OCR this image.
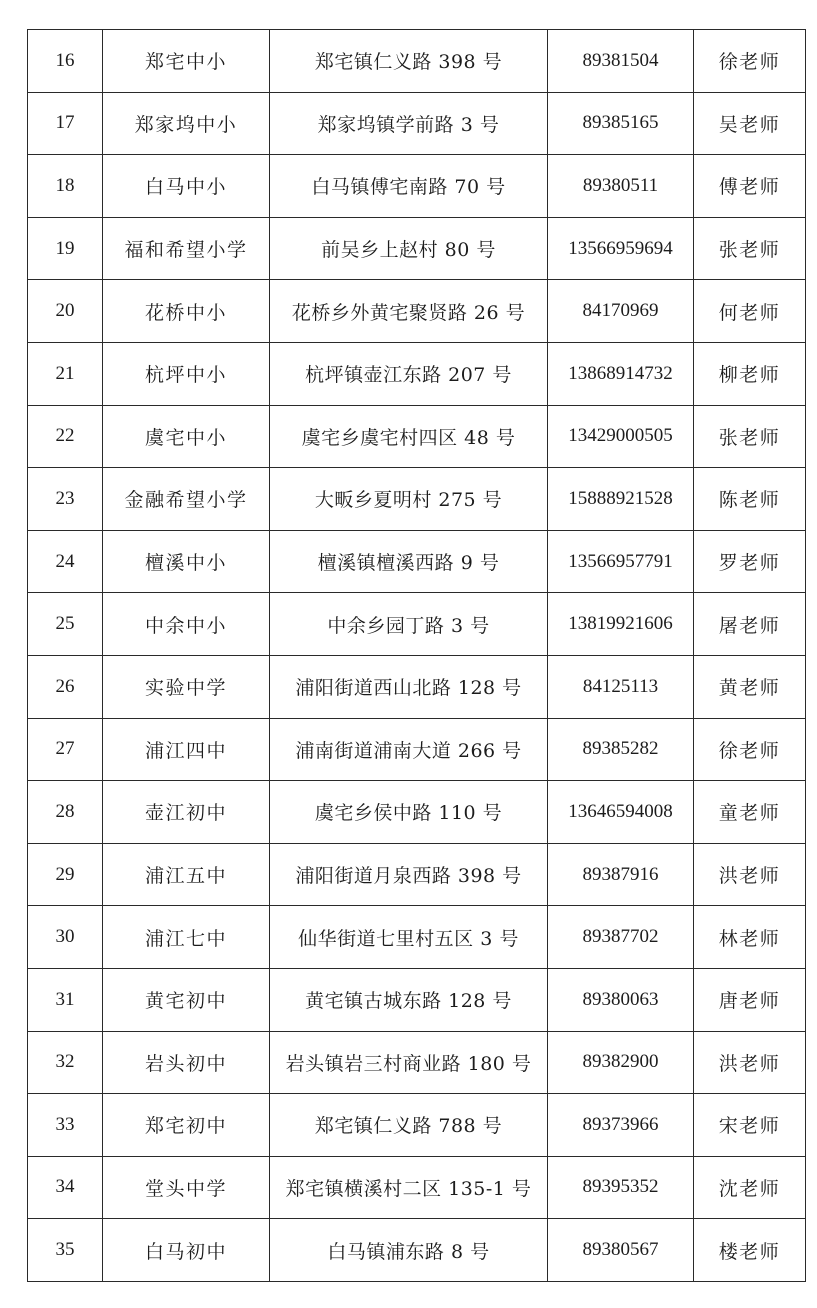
16	郑宅中小	郑宅镇仁义路 398 号	89381504	徐老师
17	郑家坞中小	郑家坞镇学前路 3 号	89385165	吴老师
18	白马中小	白马镇傅宅南路 70 号	89380511	傅老师
19	福和希望小学	前吴乡上赵村 80 号	13566959694	张老师
20	花桥中小	花桥乡外黄宅聚贤路 26 号	84170969	何老师
21	杭坪中小	杭坪镇壶江东路 207 号	13868914732	柳老师
22	虞宅中小	虞宅乡虞宅村四区 48 号	13429000505	张老师
23	金融希望小学	大畈乡夏明村 275 号	15888921528	陈老师
24	檀溪中小	檀溪镇檀溪西路 9 号	13566957791	罗老师
25	中余中小	中余乡园丁路 3 号	13819921606	屠老师
26	实验中学	浦阳街道西山北路 128 号	84125113	黄老师
27	浦江四中	浦南街道浦南大道 266 号	89385282	徐老师
28	壶江初中	虞宅乡侯中路 110 号	13646594008	童老师
29	浦江五中	浦阳街道月泉西路 398 号	89387916	洪老师
30	浦江七中	仙华街道七里村五区 3 号	89387702	林老师
31	黄宅初中	黄宅镇古城东路 128 号	89380063	唐老师
32	岩头初中	岩头镇岩三村商业路 180 号	89382900	洪老师
33	郑宅初中	郑宅镇仁义路 788 号	89373966	宋老师
34	堂头中学	郑宅镇横溪村二区 135-1 号	89395352	沈老师
35	白马初中	白马镇浦东路 8 号	89380567	楼老师
